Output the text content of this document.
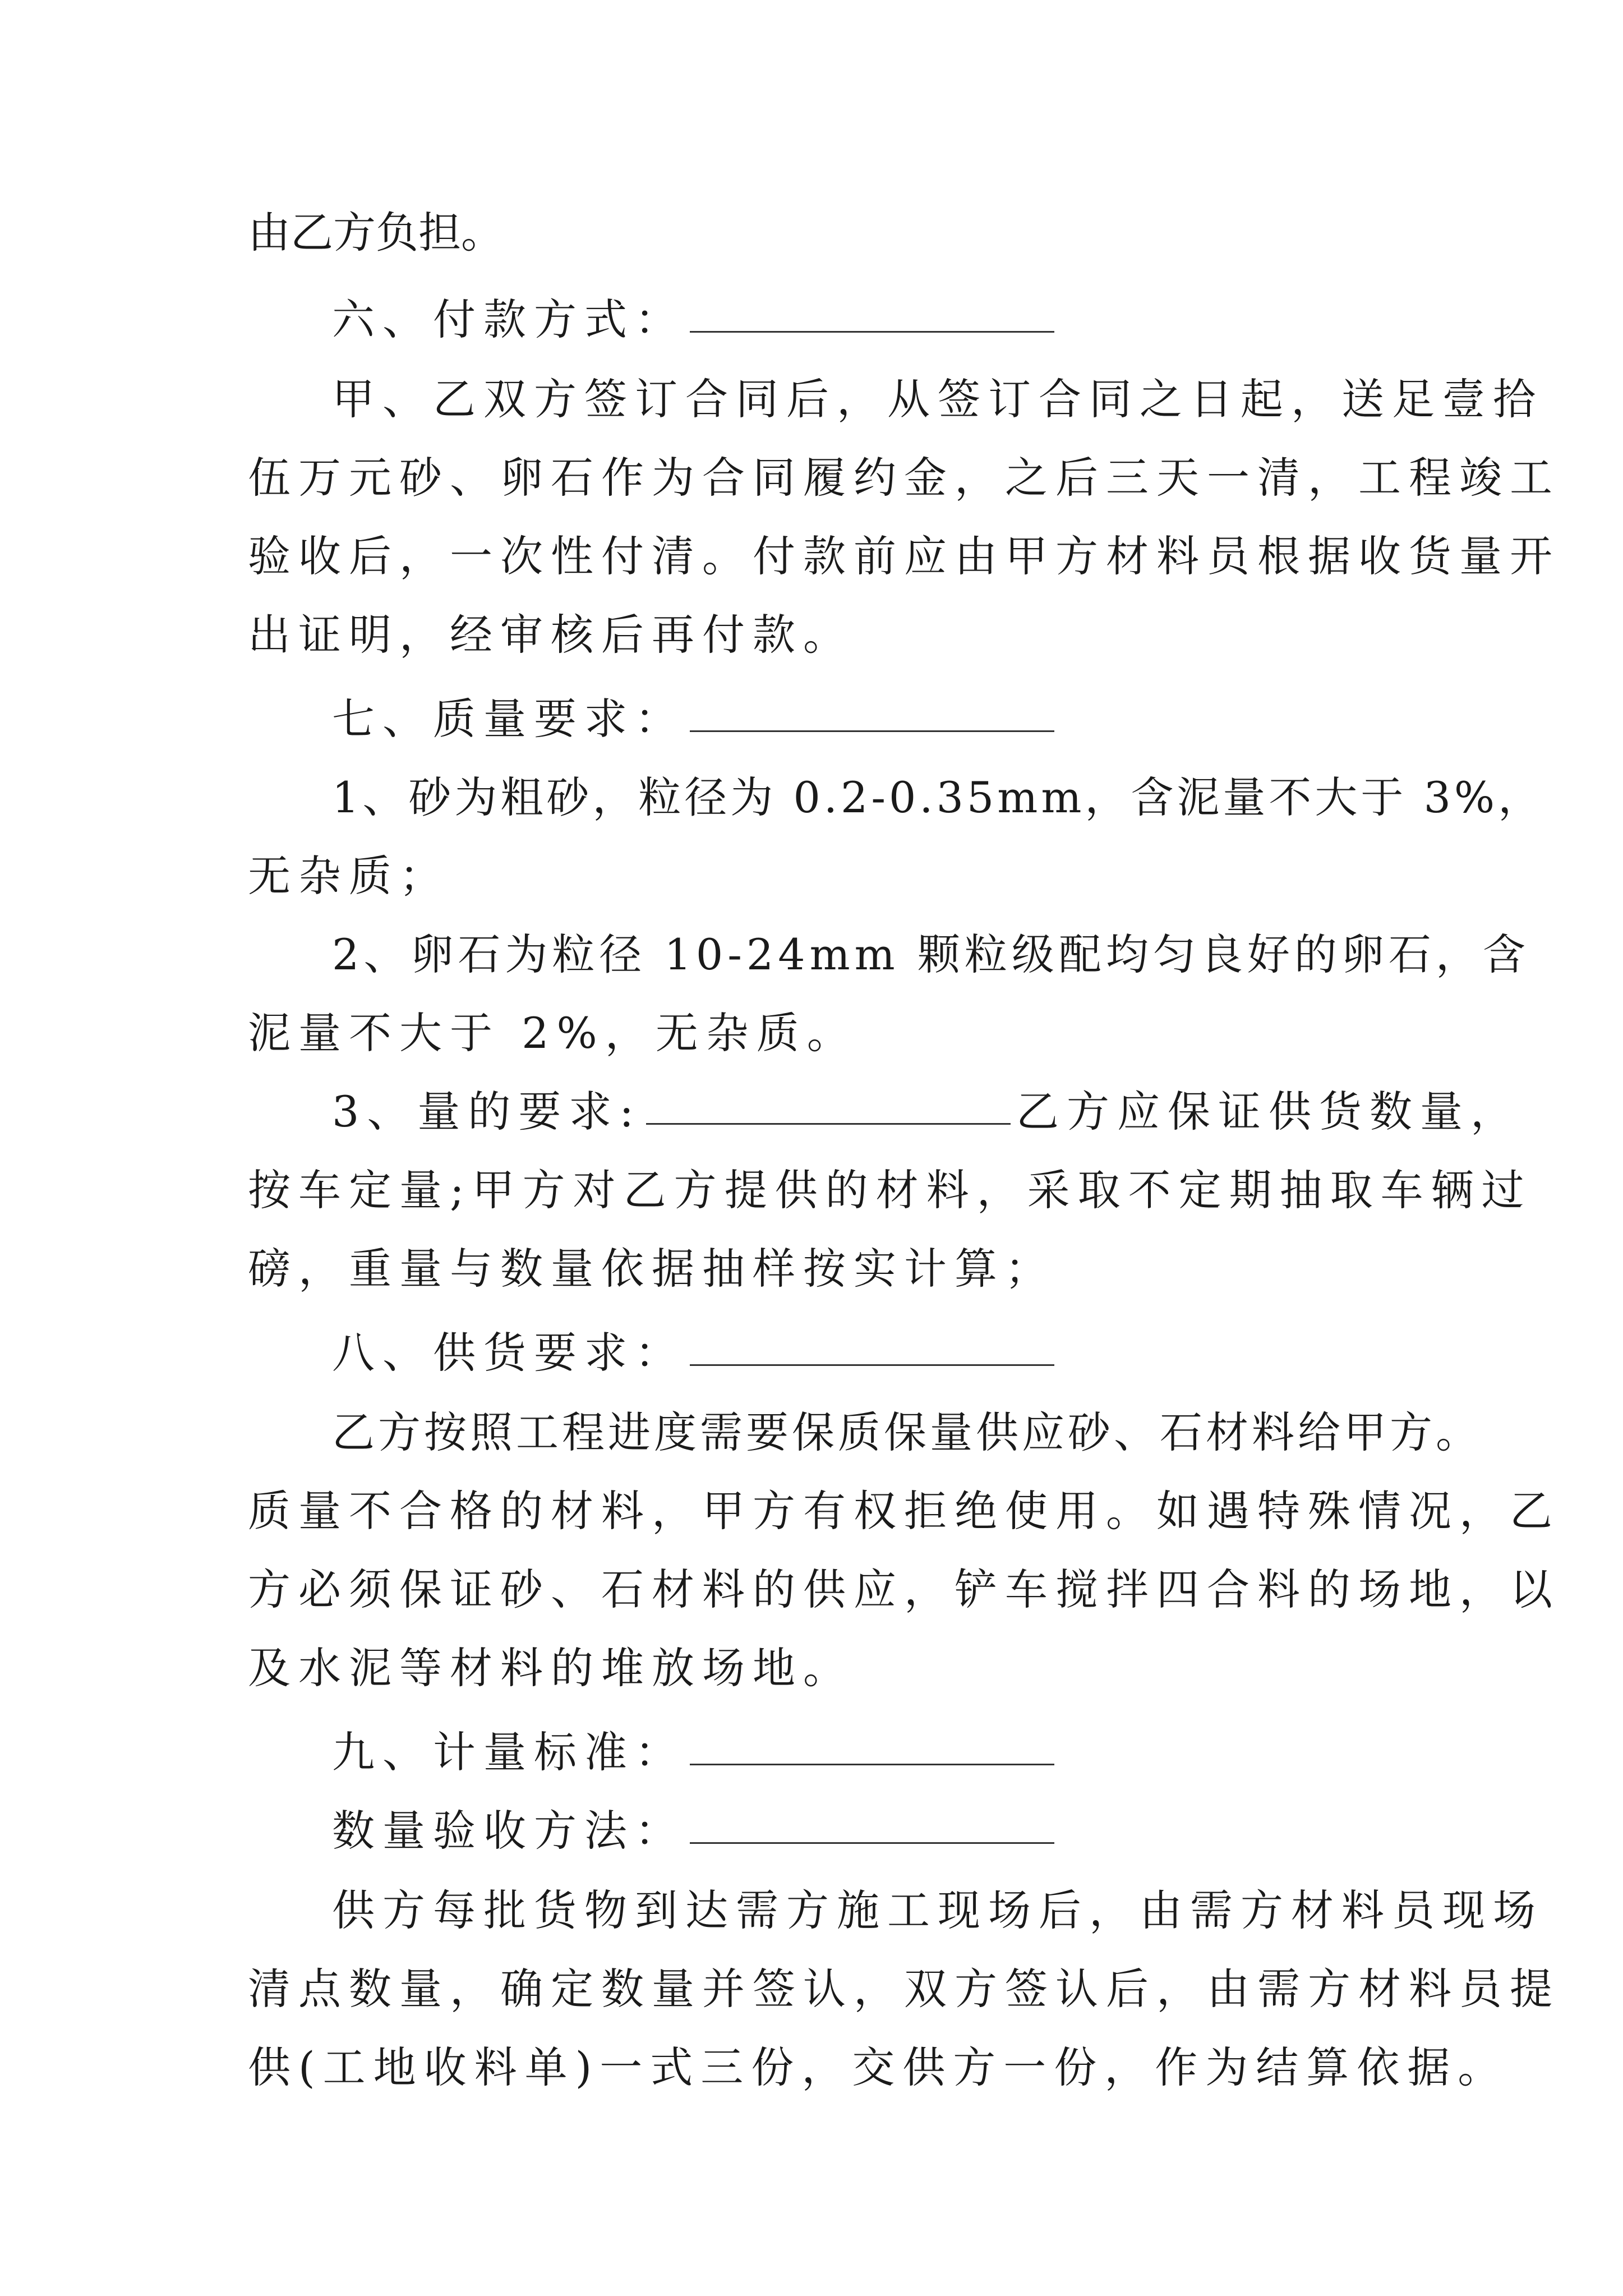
由乙方负担。
六、付款方式：
甲、乙双方签订合同后，从签订合同之日起，送足壹拾
伍万元砂、卵石作为合同履约金，之后三天一清，工程竣工
验收后，一次性付清。付款前应由甲方材料员根据收货量开
出证明，经审核后再付款。
七、质量要求：
1、砂为粗砂，粒径为 0.2-0.35mm，含泥量不大于 3%，
无杂质；
2、卵石为粒径 10-24mm 颗粒级配均匀良好的卵石，含
泥量不大于 2%，无杂质。
3、量的要求:	乙方应保证供货数量，
按车定量;甲方对乙方提供的材料，采取不定期抽取车辆过
磅，重量与数量依据抽样按实计算；
八、供货要求：
乙方按照工程进度需要保质保量供应砂、石材料给甲方。
质量不合格的材料，甲方有权拒绝使用。如遇特殊情况，乙
方必须保证砂、石材料的供应，铲车搅拌四合料的场地，以
及水泥等材料的堆放场地。
九、计量标准：
数量验收方法：
供方每批货物到达需方施工现场后，由需方材料员现场
清点数量，确定数量并签认，双方签认后，由需方材料员提
供(工地收料单)一式三份，交供方一份，作为结算依据。
